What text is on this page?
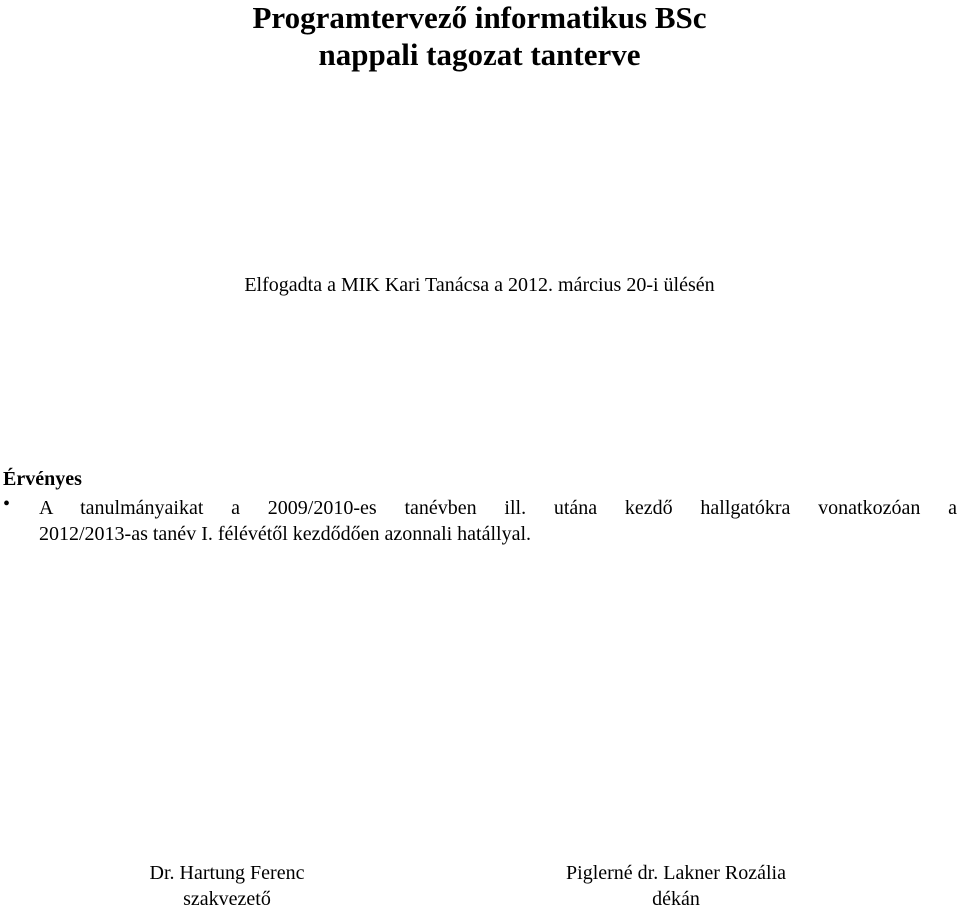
Programtervező informatikus BSc
nappali tagozat tanterve
Elfogadta a MIK Kari Tanácsa a 2012. március 20-i ülésén
Érvényes
• A tanulmányaikat a 2009/2010-es tanévben ill. utána kezdő hallgatókra vonatkozóan a
2012/2013-as tanév I. félévétől kezdődően azonnali hatállyal.
Dr. Hartung Ferenc
szakvezető
Piglerné dr. Lakner Rozália
dékán
